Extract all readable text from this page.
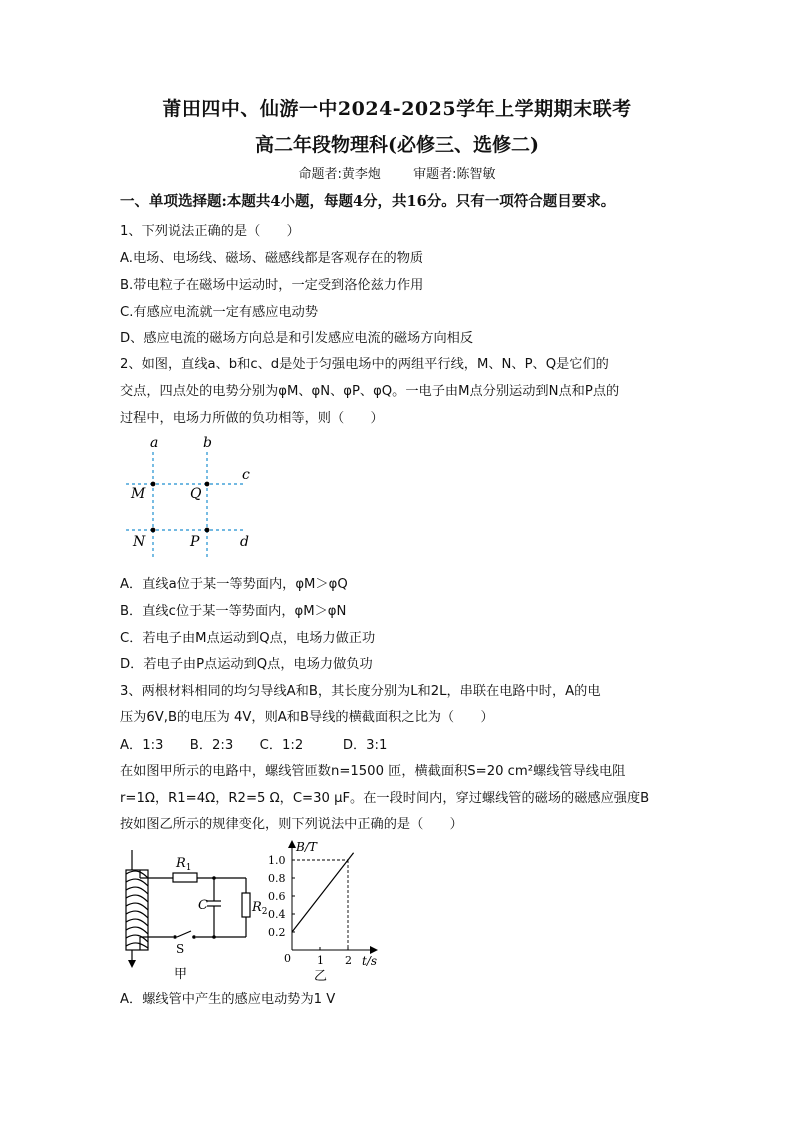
莆田四中、仙游一中2024-2025学年上学期期末联考
高二年段物理科(必修三、选修二)
命题者:黄李炮 审题者:陈智敏
一、单项选择题:本题共4小题，每题4分，共16分。只有一项符合题目要求。
1、下列说法正确的是（　　）
A.电场、电场线、磁场、磁感线都是客观存在的物质
B.带电粒子在磁场中运动时，一定受到洛伦兹力作用
C.有感应电流就一定有感应电动势
D、感应电流的磁场方向总是和引发感应电流的磁场方向相反
2、如图，直线a、b和c、d是处于匀强电场中的两组平行线，M、N、P、Q是它们的
交点，四点处的电势分别为φM、φN、φP、φQ。一电子由M点分别运动到N点和P点的
过程中，电场力所做的负功相等，则（　　）
a	b
c
d
M	Q
N	P
A．直线a位于某一等势面内，φM＞φQ
B．直线c位于某一等势面内，φM＞φN
C．若电子由M点运动到Q点，电场力做正功
D．若电子由P点运动到Q点，电场力做负功
3、两根材料相同的均匀导线A和B，其长度分别为L和2L，串联在电路中时，A的电
压为6V,B的电压为 4V，则A和B导线的横截面积之比为（　　）
A．1:3　　B．2:3　　C．1:2　　　D．3:1
在如图甲所示的电路中，螺线管匝数n=1500 匝，横截面积S=20 cm²螺线管导线电阻
r=1Ω，R1=4Ω，R2=5 Ω，C=30 μF。在一段时间内，穿过螺线管的磁场的磁感应强度B
按如图乙所示的规律变化，则下列说法中正确的是（　　）
$R_1$
C	$R_2$
S
甲
0.2
0.4
0.6
0.8
1.0
1 2
B/T
t/s
0
乙
A．螺线管中产生的感应电动势为1 V
